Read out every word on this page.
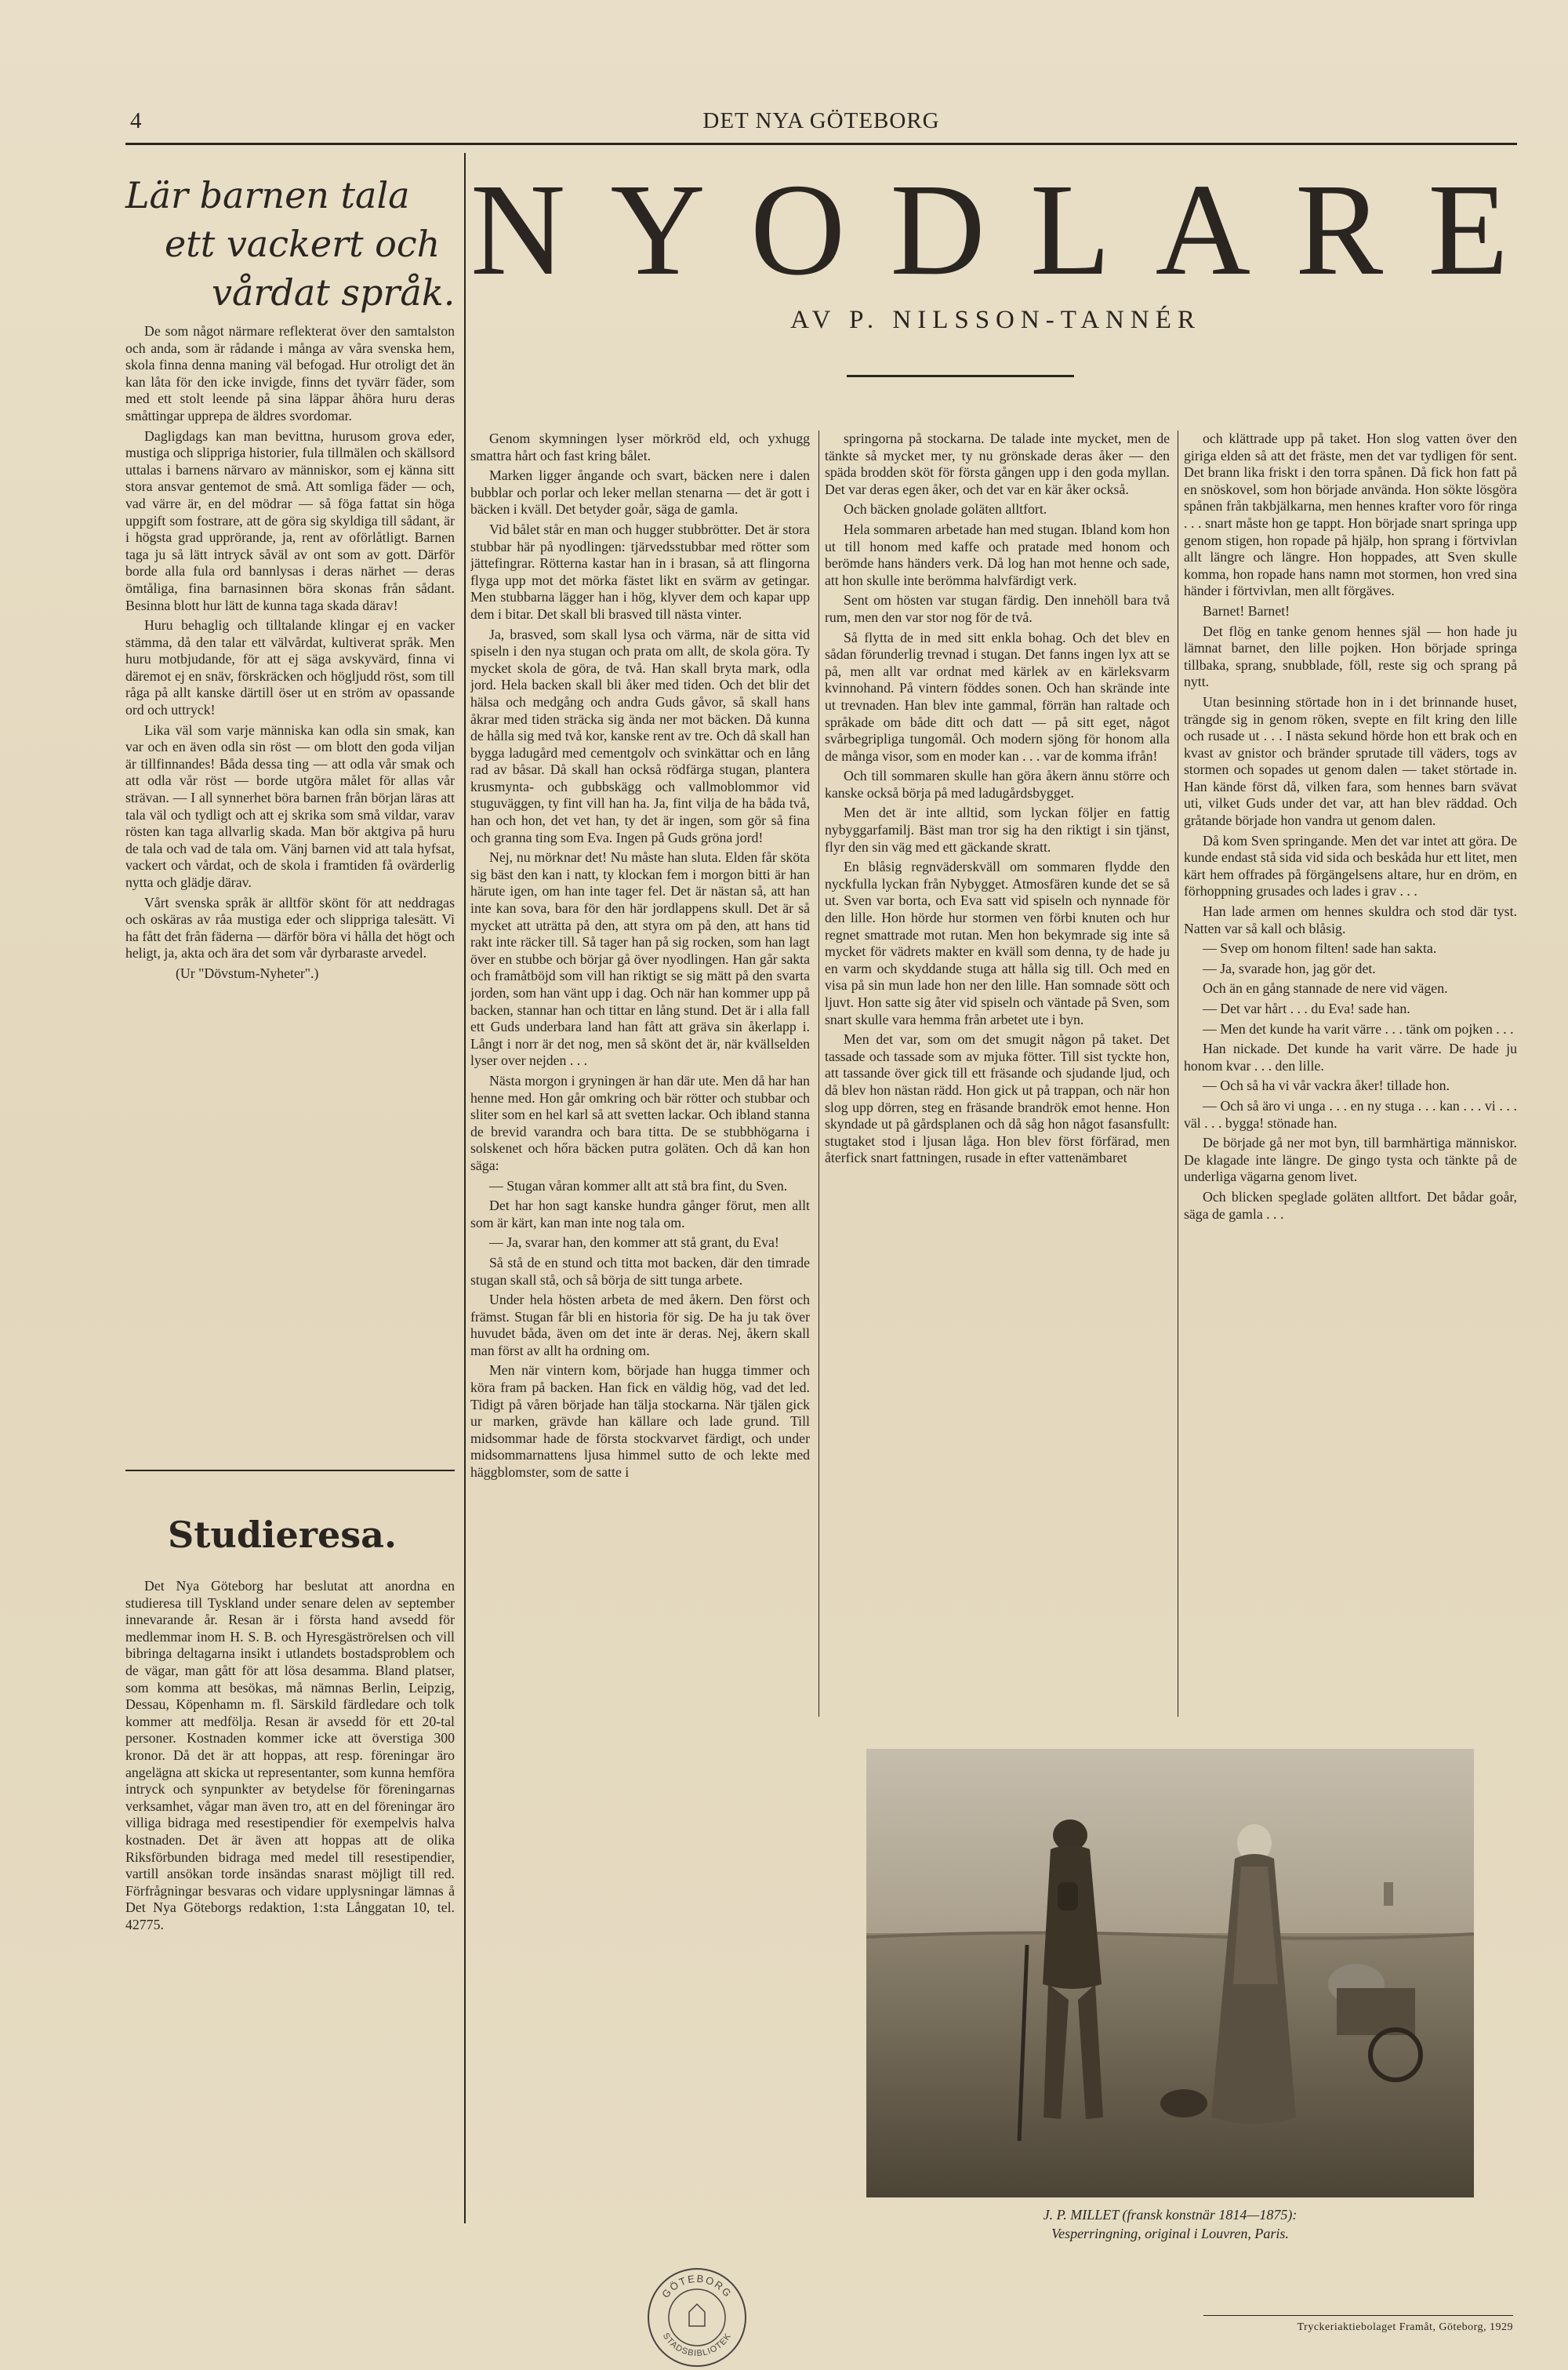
4	DET NYA GÖTEBORG
Lär barnen tala
ett vackert och
vårdat språk.

De som något närmare reflekterat över den samtalston och anda, som är rådande i många av våra svenska hem, skola finna denna maning väl befogad. Hur otroligt det än kan låta för den icke invigde, finns det tyvärr fäder, som med ett stolt leende på sina läppar åhöra huru deras småttingar upprepa de äldres svordomar.

Dagligdags kan man bevittna, hurusom grova eder, mustiga och slippriga historier, fula tillmälen och skällsord uttalas i barnens närvaro av människor, som ej känna sitt stora ansvar gentemot de små. Att somliga fäder — och, vad värre är, en del mödrar — så föga fattat sin höga uppgift som fostrare, att de göra sig skyldiga till sådant, är i högsta grad upprörande, ja, rent av oförlåtligt. Barnen taga ju så lätt intryck såväl av ont som av gott. Därför borde alla fula ord bannlysas i deras närhet — deras ömtåliga, fina barnasinnen böra skonas från sådant. Besinna blott hur lätt de kunna taga skada därav!

Huru behaglig och tilltalande klingar ej en vacker stämma, då den talar ett välvårdat, kultiverat språk. Men huru motbjudande, för att ej säga avskyvärd, finna vi däremot ej en snäv, förskräcken och högljudd röst, som till råga på allt kanske därtill öser ut en ström av opassande ord och uttryck!

Lika väl som varje människa kan odla sin smak, kan var och en även odla sin röst — om blott den goda viljan är tillfinnandes! Båda dessa ting — att odla vår smak och att odla vår röst — borde utgöra målet för allas vår strävan. — I all synnerhet böra barnen från början läras att tala väl och tydligt och att ej skrika som små vildar, varav rösten kan taga allvarlig skada. Man bör aktgiva på huru de tala och vad de tala om. Vänj barnen vid att tala hyfsat, vackert och vårdat, och de skola i framtiden få ovärderlig nytta och glädje därav.

Vårt svenska språk är alltför skönt för att neddragas och oskäras av råa mustiga eder och slippriga talesätt. Vi ha fått det från fäderna — därför böra vi hålla det högt och heligt, ja, akta och ära det som vår dyrbaraste arvedel.

(Ur "Dövstum-Nyheter".)

Studieresa.

Det Nya Göteborg har beslutat att anordna en studieresa till Tyskland under senare delen av september innevarande år. Resan är i första hand avsedd för medlemmar inom H. S. B. och Hyresgäströrelsen och vill bibringa deltagarna insikt i utlandets bostadsproblem och de vägar, man gått för att lösa desamma. Bland platser, som komma att besökas, må nämnas Berlin, Leipzig, Dessau, Köpenhamn m. fl. Särskild färdledare och tolk kommer att medfölja. Resan är avsedd för ett 20-tal personer. Kostnaden kommer icke att överstiga 300 kronor. Då det är att hoppas, att resp. föreningar äro angelägna att skicka ut representanter, som kunna hemföra intryck och synpunkter av betydelse för föreningarnas verksamhet, vågar man även tro, att en del föreningar äro villiga bidraga med resestipendier för exempelvis halva kostnaden. Det är även att hoppas att de olika Riksförbunden bidraga med medel till resestipendier, vartill ansökan torde insändas snarast möjligt till red. Förfrågningar besvaras och vidare upplysningar lämnas å Det Nya Göteborgs redaktion, 1:sta Långgatan 10, tel. 42775.

N Y O D L A R E
AV P. NILSSON-TANNÉR

Genom skymningen lyser mörkröd eld, och yxhugg smattra hårt och fast kring bålet.

Marken ligger ångande och svart, bäcken nere i dalen bubblar och porlar och leker mellan stenarna — det är gott i bäcken i kväll. Det betyder goår, säga de gamla.

Vid bålet står en man och hugger stubbrötter. Det är stora stubbar här på nyodlingen: tjärvedsstubbar med rötter som jättefingrar. Rötterna kastar han in i brasan, så att flingorna flyga upp mot det mörka fästet likt en svärm av getingar. Men stubbarna lägger han i hög, klyver dem och kapar upp dem i bitar. Det skall bli brasved till nästa vinter.

Ja, brasved, som skall lysa och värma, när de sitta vid spiseln i den nya stugan och prata om allt, de skola göra. Ty mycket skola de göra, de två. Han skall bryta mark, odla jord. Hela backen skall bli åker med tiden. Och det blir det hälsa och medgång och andra Guds gåvor, så skall hans åkrar med tiden sträcka sig ända ner mot bäcken. Då kunna de hålla sig med två kor, kanske rent av tre. Och då skall han bygga ladugård med cementgolv och svinkättar och en lång rad av båsar. Då skall han också rödfärga stugan, plantera krusmynta- och gubbskägg och vallmoblommor vid stuguväggen, ty fint vill han ha. Ja, fint vilja de ha båda två, han och hon, det vet han, ty det är ingen, som gör så fina och granna ting som Eva. Ingen på Guds gröna jord!

Nej, nu mörknar det! Nu måste han sluta. Elden får sköta sig bäst den kan i natt, ty klockan fem i morgon bitti är han härute igen, om han inte tager fel. Det är nästan så, att han inte kan sova, bara för den här jordlappens skull. Det är så mycket att uträtta på den, att styra om på den, att hans tid rakt inte räcker till. Så tager han på sig rocken, som han lagt över en stubbe och börjar gå över nyodlingen. Han går sakta och framåtböjd som vill han riktigt se sig mätt på den svarta jorden, som han vänt upp i dag. Och när han kommer upp på backen, stannar han och tittar en lång stund. Det är i alla fall ett Guds underbara land han fått att gräva sin åkerlapp i. Långt i norr är det nog, men så skönt det är, när kvällselden lyser over nejden . . .

Nästa morgon i gryningen är han där ute. Men då har han henne med. Hon går omkring och bär rötter och stubbar och sliter som en hel karl så att svetten lackar. Och ibland stanna de brevid varandra och bara titta. De se stubbhögarna i solskenet och hőra bäcken putra goläten. Och då kan hon säga:

— Stugan våran kommer allt att stå bra fint, du Sven.

Det har hon sagt kanske hundra gånger förut, men allt som är kärt, kan man inte nog tala om.

— Ja, svarar han, den kommer att stå grant, du Eva!

Så stå de en stund och titta mot backen, där den timrade stugan skall stå, och så börja de sitt tunga arbete.

Under hela hösten arbeta de med åkern. Den först och främst. Stugan får bli en historia för sig. De ha ju tak över huvudet båda, även om det inte är deras. Nej, åkern skall man först av allt ha ordning om.

Men när vintern kom, började han hugga timmer och köra fram på backen. Han fick en väldig hög, vad det led. Tidigt på våren började han tälja stockarna. När tjälen gick ur marken, grävde han källare och lade grund. Till midsommar hade de första stockvarvet färdigt, och under midsommarnattens ljusa himmel sutto de och lekte med häggblomster, som de satte i

springorna på stockarna. De talade inte mycket, men de tänkte så mycket mer, ty nu grönskade deras åker — den späda brodden sköt för första gången upp i den goda myllan. Det var deras egen åker, och det var en kär åker också.

Och bäcken gnolade goläten alltfort.

Hela sommaren arbetade han med stugan. Ibland kom hon ut till honom med kaffe och pratade med honom och berömde hans händers verk. Då log han mot henne och sade, att hon skulle inte berömma halvfärdigt verk.

Sent om hösten var stugan färdig. Den innehöll bara två rum, men den var stor nog för de två.

Så flytta de in med sitt enkla bohag. Och det blev en sådan förunderlig trevnad i stugan. Det fanns ingen lyx att se på, men allt var ordnat med kärlek av en kärleksvarm kvinnohand. På vintern föddes sonen. Och han skrände inte ut trevnaden. Han blev inte gammal, förrän han raltade och språkade om både ditt och datt — på sitt eget, något svårbegripliga tungomål. Och modern sjöng för honom alla de många visor, som en moder kan . . . var de komma ifrån!

Och till sommaren skulle han göra åkern ännu större och kanske också börja på med ladugårdsbygget.

Men det är inte alltid, som lyckan följer en fattig nybyggarfamilj. Bäst man tror sig ha den riktigt i sin tjänst, flyr den sin väg med ett gäckande skratt.

En blåsig regnväderskväll om sommaren flydde den nyckfulla lyckan från Nybygget. Atmosfären kunde det se så ut. Sven var borta, och Eva satt vid spiseln och nynnade för den lille. Hon hörde hur stormen ven förbi knuten och hur regnet smattrade mot rutan. Men hon bekymrade sig inte så mycket för vädrets makter en kväll som denna, ty de hade ju en varm och skyddande stuga att hålla sig till. Och med en visa på sin mun lade hon ner den lille. Han somnade sött och ljuvt. Hon satte sig åter vid spiseln och väntade på Sven, som snart skulle vara hemma från arbetet ute i byn.

Men det var, som om det smugit någon på taket. Det tassade och tassade som av mjuka fötter. Till sist tyckte hon, att tassande över gick till ett fräsande och sjudande ljud, och då blev hon nästan rädd. Hon gick ut på trappan, och när hon slog upp dörren, steg en fräsande brandrök emot henne. Hon skyndade ut på gårdsplanen och då såg hon något fasansfullt: stugtaket stod i ljusan låga. Hon blev först förfärad, men återfick snart fattningen, rusade in efter vattenämbaret

och klättrade upp på taket. Hon slog vatten över den giriga elden så att det fräste, men det var tydligen för sent. Det brann lika friskt i den torra spånen. Då fick hon fatt på en snöskovel, som hon började använda. Hon sökte lösgöra spånen från takbjälkarna, men hennes krafter voro för ringa . . . snart måste hon ge tappt. Hon började snart springa upp genom stigen, hon ropade på hjälp, hon sprang i förtvivlan allt längre och längre. Hon hoppades, att Sven skulle komma, hon ropade hans namn mot stormen, hon vred sina händer i förtvivlan, men allt förgäves.

Barnet! Barnet!

Det flög en tanke genom hennes själ — hon hade ju lämnat barnet, den lille pojken. Hon började springa tillbaka, sprang, snubblade, föll, reste sig och sprang på nytt.

Utan besinning störtade hon in i det brinnande huset, trängde sig in genom röken, svepte en filt kring den lille och rusade ut . . . I nästa sekund hörde hon ett brak och en kvast av gnistor och bränder sprutade till väders, togs av stormen och sopades ut genom dalen — taket störtade in. Han kände först då, vilken fara, som hennes barn svävat uti, vilket Guds under det var, att han blev räddad. Och gråtande började hon vandra ut genom dalen.

Då kom Sven springande. Men det var intet att göra. De kunde endast stå sida vid sida och beskåda hur ett litet, men kärt hem offrades på förgängelsens altare, hur en dröm, en förhoppning grusades och lades i grav . . .

Han lade armen om hennes skuldra och stod där tyst. Natten var så kall och blåsig.

— Svep om honom filten! sade han sakta.

— Ja, svarade hon, jag gör det.

Och än en gång stannade de nere vid vägen.

— Det var hårt . . . du Eva! sade han.

— Men det kunde ha varit värre . . . tänk om pojken . . .

Han nickade. Det kunde ha varit värre. De hade ju honom kvar . . . den lille.

— Och så ha vi vår vackra åker! tillade hon.

— Och så äro vi unga . . . en ny stuga . . . kan . . . vi . . . väl . . . bygga! stönade han.

De började gå ner mot byn, till barmhärtiga människor. De klagade inte längre. De gingo tysta och tänkte på de underliga vägarna genom livet.

Och blicken speglade goläten alltfort. Det bådar goår, säga de gamla . . .

J. P. MILLET (fransk konstnär 1814—1875):
Vesperringning, original i Louvren, Paris.
Tryckeriaktiebolaget Framåt, Göteborg, 1929
GÖTEBORG
STADSBIBLIOTEK
